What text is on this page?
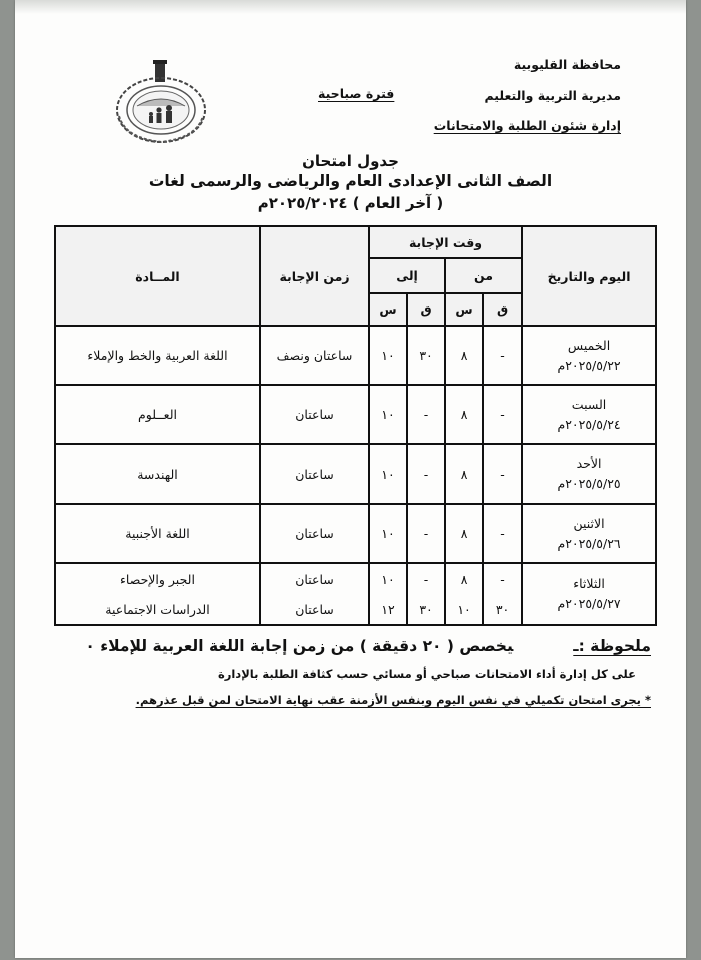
محافظة القليوبية
مديرية التربية والتعليم
إدارة شئون الطلبة والامتحانات
فترة صباحية
جدول امتحان
الصف الثانى الإعدادى العام والرياضى والرسمى لغات
( آخر العام ) ٢٠٢٥/٢٠٢٤م
اليوم والتاريخ	وقت الإجابة				زمن الإجابة	المــادة
	من		إلى			
	ق	س	ق	س		

الخميس
٢٠٢٥/٥/٢٢م	-	٨	٣٠	١٠	ساعتان ونصف	اللغة العربية والخط والإملاء

السبت
٢٠٢٥/٥/٢٤م	-	٨	-	١٠	ساعتان	العــلوم

الأحد
٢٠٢٥/٥/٢٥م	-	٨	-	١٠	ساعتان	الهندسة

الاثنين
٢٠٢٥/٥/٢٦م	-	٨	-	١٠	ساعتان	اللغة الأجنبية

الثلاثاء
٢٠٢٥/٥/٢٧م	-	٨	-	١٠	ساعتان	الجبر والإحصاء
	٣٠	١٠	٣٠	١٢	ساعتان	الدراسات الاجتماعية
ملحوظة :ـيخصص ( ٢٠ دقيقة ) من زمن إجابة اللغة العربية للإملاء ٠
على كل إدارة أداء الامتحانات صباحي أو مسائي حسب كثافة الطلبة بالإدارة
* يجرى امتحان تكميلي في نفس اليوم وبنفس الأزمنة عقب نهاية الامتحان لمن قبل عذرهم.
